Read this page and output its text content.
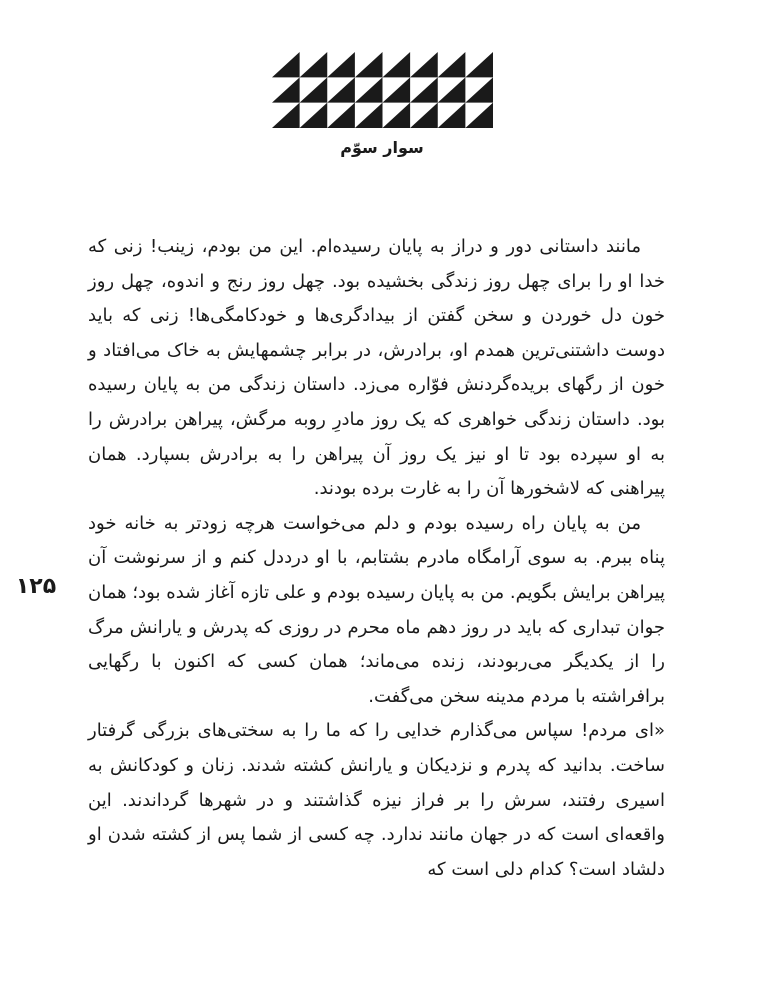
سوار سوّم

مانند داستانی دور و دراز به پایان رسیده‌ام. این من بودم، زینب! زنی که خدا او را برای چهل روز زندگی بخشیده بود. چهل روز رنج و اندوه، چهل روز خون دل خوردن و سخن گفتن از بیدادگری‌ها و خودکامگی‌ها! زنی که باید دوست داشتنی‌ترین همدم او، برادرش، در برابر چشمهایش به خاک می‌افتاد و خون از رگهای بریده‌گردنش فوّاره می‌زد. داستان زندگی من به پایان رسیده بود. داستان زندگی خواهری که یک روز مادرِ روبه مرگش، پیراهن برادرش را به او سپرده بود تا او نیز یک روز آن پیراهن را به برادرش بسپارد. همان پیراهنی که لاشخورها آن را به غارت برده بودند.

من به پایان راه رسیده بودم و دلم می‌خواست هرچه زودتر به خانه خود پناه ببرم. به سوی آرامگاه مادرم بشتابم، با او درددل کنم و از سرنوشت آن پیراهن برایش بگویم. من به پایان رسیده بودم و علی تازه آغاز شده بود؛ همان جوان تبداری که باید در روز دهم ماه محرم در روزی که پدرش و یارانش مرگ را از یکدیگر می‌ربودند، زنده می‌ماند؛ همان کسی که اکنون با رگهایی برافراشته با مردم مدینه سخن می‌گفت.

«ای مردم! سپاس می‌گذارم خدایی را که ما را به سختی‌های بزرگی گرفتار ساخت. بدانید که پدرم و نزدیکان و یارانش کشته شدند. زنان و کودکانش به اسیری رفتند، سرش را بر فراز نیزه گذاشتند و در شهرها گرداندند. این واقعه‌ای است که در جهان مانند ندارد. چه کسی از شما پس از کشته شدن او دلشاد است؟ کدام دلی است که

۱۲۵
